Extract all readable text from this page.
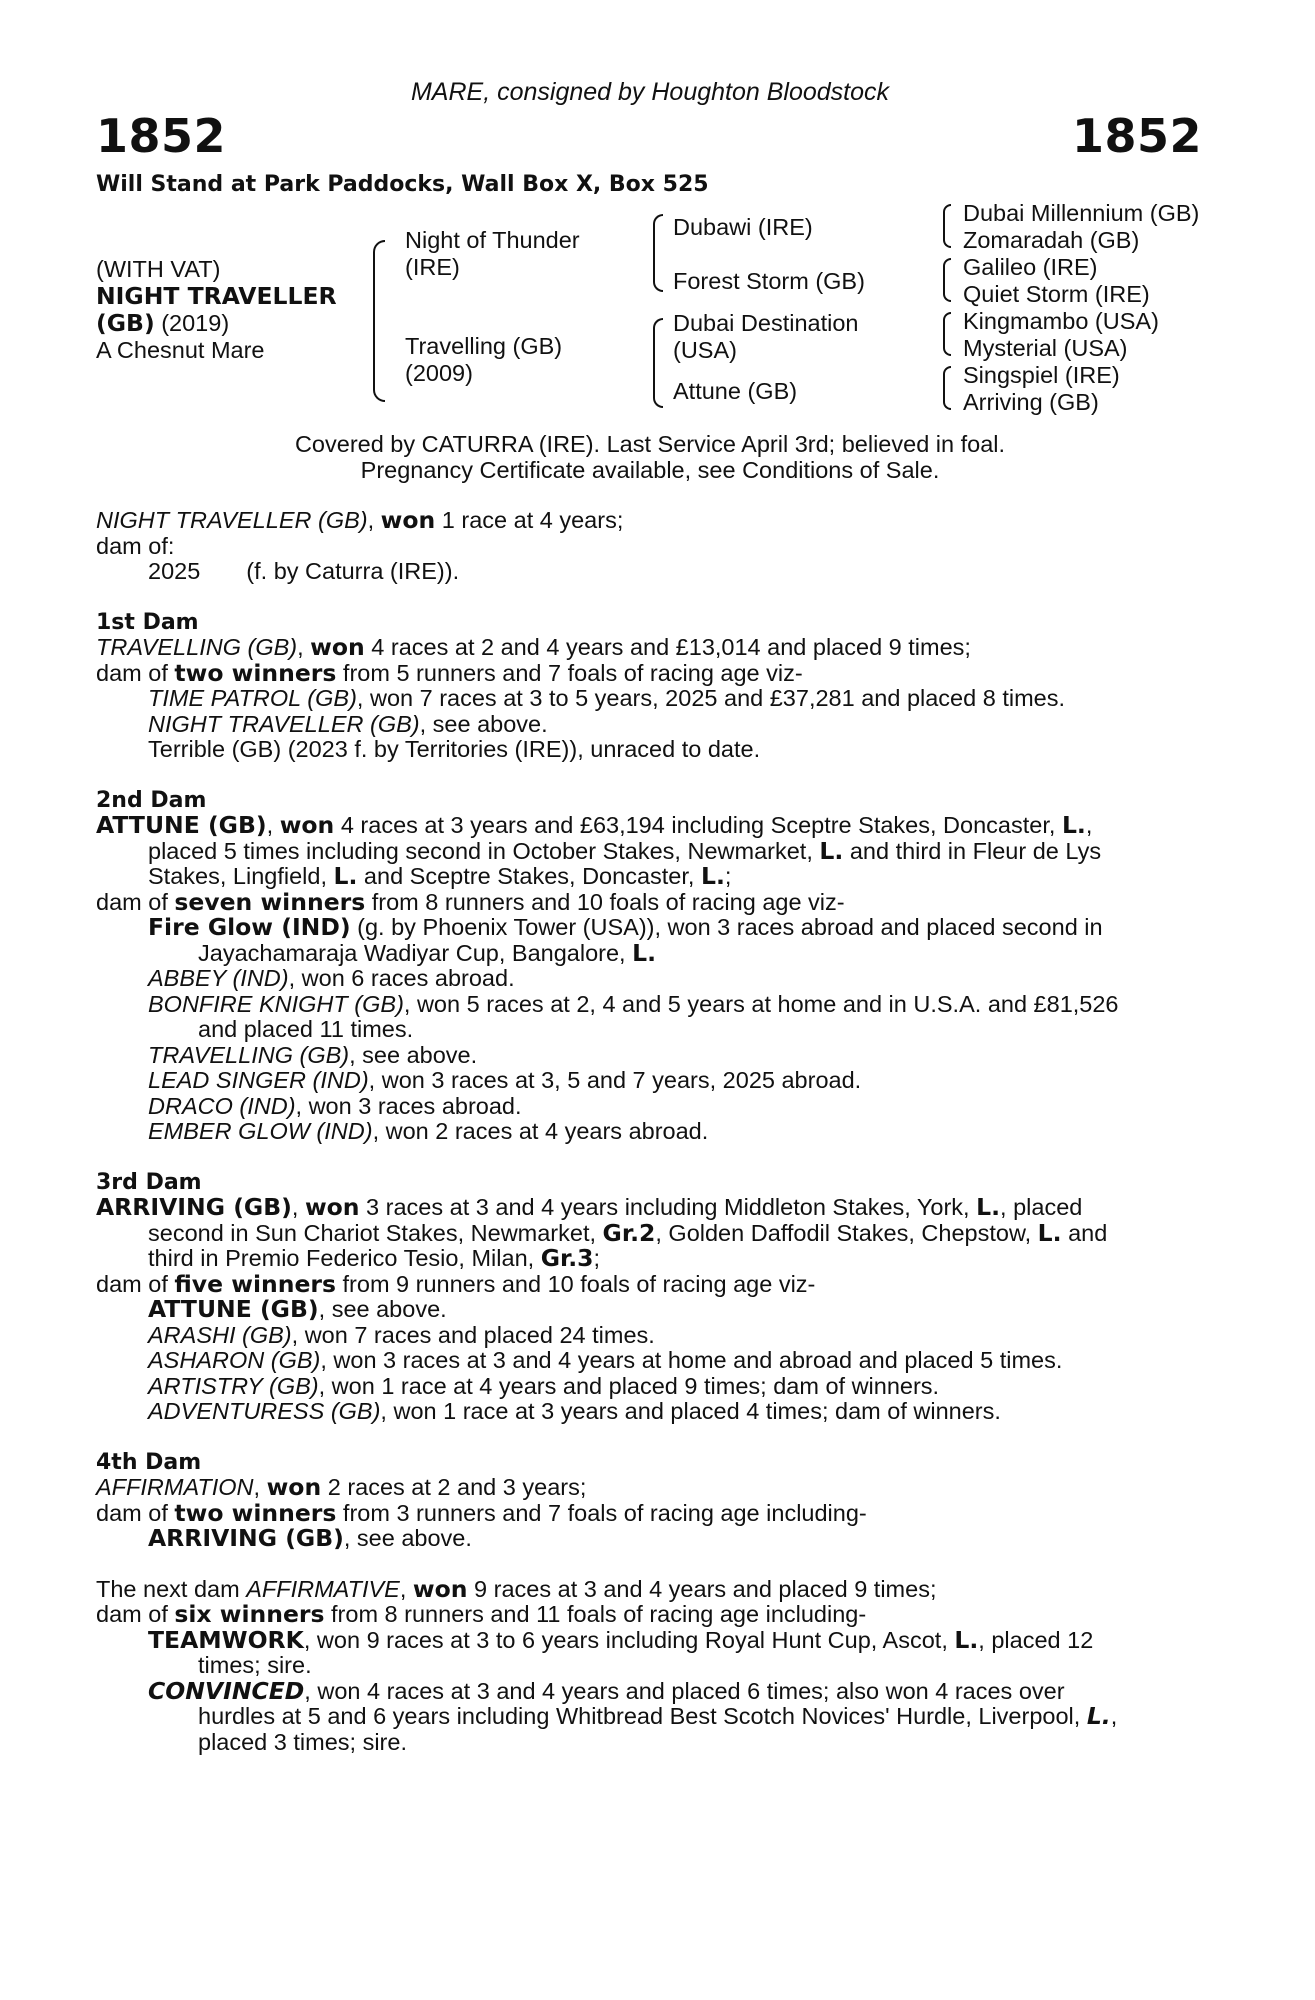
MARE, consigned by Houghton Bloodstock
1852	1852
Will Stand at Park Paddocks, Wall Box X, Box 525
(WITH VAT)
NIGHT TRAVELLER
(GB) (2019)
A Chesnut Mare
Night of Thunder
(IRE)
Travelling (GB)
(2009)
Dubawi (IRE)
Forest Storm (GB)
Dubai Destination
(USA)
Attune (GB)
Dubai Millennium (GB)
Zomaradah (GB)
Galileo (IRE)
Quiet Storm (IRE)
Kingmambo (USA)
Mysterial (USA)
Singspiel (IRE)
Arriving (GB)
Covered by CATURRA (IRE). Last Service April 3rd; believed in foal.
Pregnancy Certificate available, see Conditions of Sale.
NIGHT TRAVELLER (GB), won 1 race at 4 years;
dam of:
2025 (f. by Caturra (IRE)).
1st Dam
TRAVELLING (GB), won 4 races at 2 and 4 years and £13,014 and placed 9 times;
dam of two winners from 5 runners and 7 foals of racing age viz-
TIME PATROL (GB), won 7 races at 3 to 5 years, 2025 and £37,281 and placed 8 times.
NIGHT TRAVELLER (GB), see above.
Terrible (GB) (2023 f. by Territories (IRE)), unraced to date.
2nd Dam
ATTUNE (GB), won 4 races at 3 years and £63,194 including Sceptre Stakes, Doncaster, L.,
placed 5 times including second in October Stakes, Newmarket, L. and third in Fleur de Lys
Stakes, Lingfield, L. and Sceptre Stakes, Doncaster, L.;
dam of seven winners from 8 runners and 10 foals of racing age viz-
Fire Glow (IND) (g. by Phoenix Tower (USA)), won 3 races abroad and placed second in
Jayachamaraja Wadiyar Cup, Bangalore, L.
ABBEY (IND), won 6 races abroad.
BONFIRE KNIGHT (GB), won 5 races at 2, 4 and 5 years at home and in U.S.A. and £81,526
and placed 11 times.
TRAVELLING (GB), see above.
LEAD SINGER (IND), won 3 races at 3, 5 and 7 years, 2025 abroad.
DRACO (IND), won 3 races abroad.
EMBER GLOW (IND), won 2 races at 4 years abroad.
3rd Dam
ARRIVING (GB), won 3 races at 3 and 4 years including Middleton Stakes, York, L., placed
second in Sun Chariot Stakes, Newmarket, Gr.2, Golden Daffodil Stakes, Chepstow, L. and
third in Premio Federico Tesio, Milan, Gr.3;
dam of five winners from 9 runners and 10 foals of racing age viz-
ATTUNE (GB), see above.
ARASHI (GB), won 7 races and placed 24 times.
ASHARON (GB), won 3 races at 3 and 4 years at home and abroad and placed 5 times.
ARTISTRY (GB), won 1 race at 4 years and placed 9 times; dam of winners.
ADVENTURESS (GB), won 1 race at 3 years and placed 4 times; dam of winners.
4th Dam
AFFIRMATION, won 2 races at 2 and 3 years;
dam of two winners from 3 runners and 7 foals of racing age including-
ARRIVING (GB), see above.
The next dam AFFIRMATIVE, won 9 races at 3 and 4 years and placed 9 times;
dam of six winners from 8 runners and 11 foals of racing age including-
TEAMWORK, won 9 races at 3 to 6 years including Royal Hunt Cup, Ascot, L., placed 12
times; sire.
CONVINCED, won 4 races at 3 and 4 years and placed 6 times; also won 4 races over
hurdles at 5 and 6 years including Whitbread Best Scotch Novices' Hurdle, Liverpool, L.,
placed 3 times; sire.
